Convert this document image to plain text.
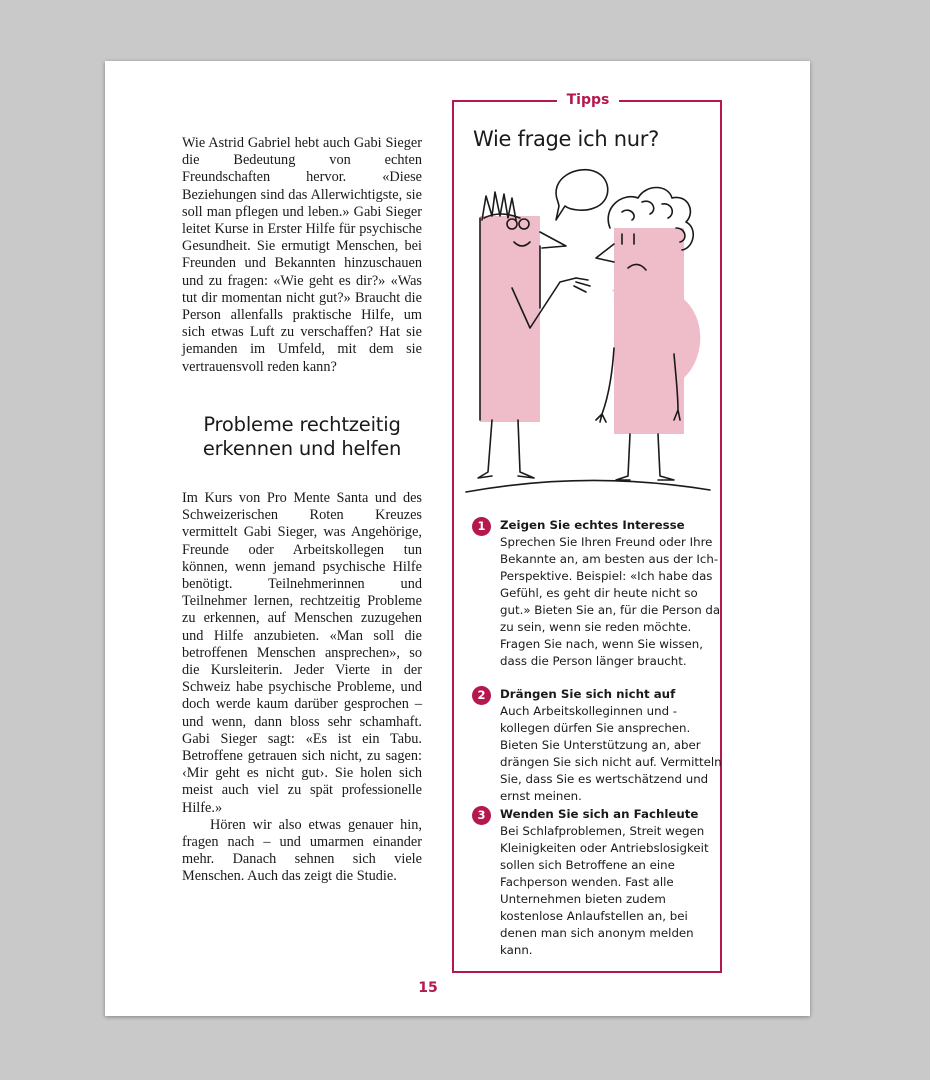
Wie Astrid Gabriel hebt auch Gabi Sieger die Bedeutung von echten Freundschaften hervor. «Diese Beziehungen sind das Allerwichtigste, sie soll man pflegen und leben.» Gabi Sieger leitet Kurse in Erster Hilfe für psychische Gesundheit. Sie ermutigt Menschen, bei Freunden und Bekannten hinzuschauen und zu fragen: «Wie geht es dir?» «Was tut dir momentan nicht gut?» Braucht die Person allenfalls praktische Hilfe, um sich etwas Luft zu verschaffen? Hat sie jemanden im Umfeld, mit dem sie vertrauensvoll reden kann?

Probleme rechtzeitig erkennen und helfen

Im Kurs von Pro Mente Santa und des Schweizerischen Roten Kreuzes vermittelt Gabi Sieger, was Angehörige, Freunde oder Arbeitskollegen tun können, wenn jemand psychische Hilfe benötigt. Teilnehmerinnen und Teilnehmer lernen, rechtzeitig Probleme zu erkennen, auf Menschen zuzugehen und Hilfe anzubieten. «Man soll die betroffenen Menschen ansprechen», so die Kursleiterin. Jeder Vierte in der Schweiz habe psychische Probleme, und doch werde kaum darüber gesprochen – und wenn, dann bloss sehr schamhaft. Gabi Sieger sagt: «Es ist ein Tabu. Betroffene getrauen sich nicht, zu sagen: ‹Mir geht es nicht gut›. Sie holen sich meist auch viel zu spät professionelle Hilfe.»

Hören wir also etwas genauer hin, fragen nach – und umarmen einander mehr. Danach sehnen sich viele Menschen. Auch das zeigt die Studie.

Tipps
Wie frage ich nur?
1	Zeigen Sie echtes Interesse
Sprechen Sie Ihren Freund oder Ihre Bekannte an, am besten aus der Ich-Perspektive. Beispiel: «Ich habe das Gefühl, es geht dir heute nicht so gut.» Bieten Sie an, für die Person da zu sein, wenn sie reden möchte. Fragen Sie nach, wenn Sie wissen, dass die Person länger braucht.
2	Drängen Sie sich nicht auf
Auch Arbeitskolleginnen und -kollegen dürfen Sie ansprechen. Bieten Sie Unterstützung an, aber drängen Sie sich nicht auf. Vermitteln Sie, dass Sie es wertschätzend und ernst meinen.
3	Wenden Sie sich an Fachleute
Bei Schlafproblemen, Streit wegen Kleinigkeiten oder Antriebslosigkeit sollen sich Betroffene an eine Fachperson wenden. Fast alle Unternehmen bieten zudem kostenlose Anlaufstellen an, bei denen man sich anonym melden kann.
15
